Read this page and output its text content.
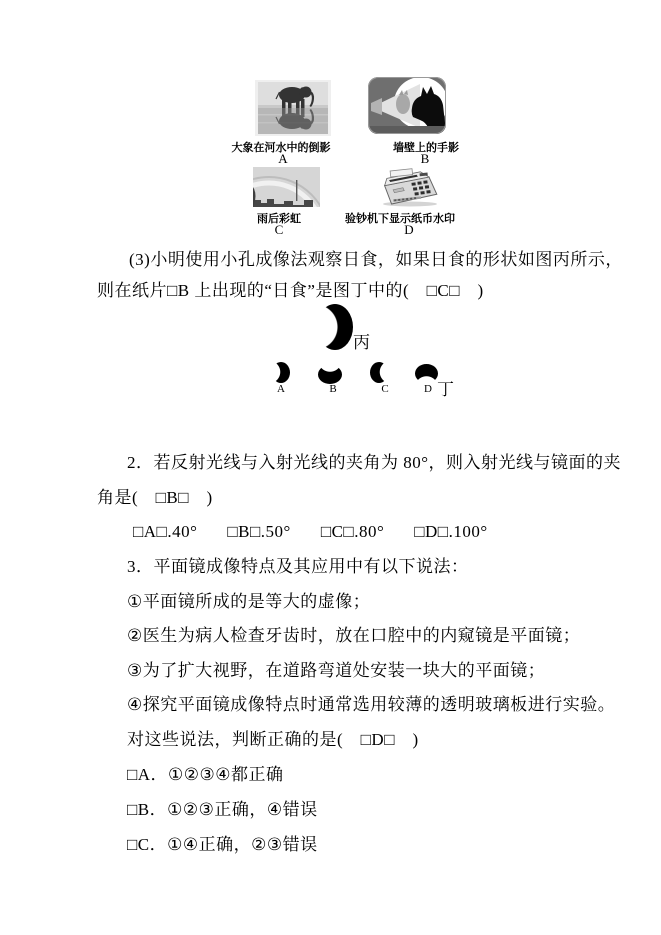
大象在河水中的倒影
A
墙壁上的手影
B
雨后彩虹
C
验钞机下显示纸币水印
D
(3)小明使用小孔成像法观察日食，如果日食的形状如图丙所示，
则在纸片□B 上出现的“日食”是图丁中的(　□C□　)
丙
A	B	C	D 丁
2．若反射光线与入射光线的夹角为 80°，则入射光线与镜面的夹
角是(　□B□　)
□A□.40° □B□.50° □C□.80° □D□.100°
3．平面镜成像特点及其应用中有以下说法：
①平面镜所成的是等大的虚像；
②医生为病人检查牙齿时，放在口腔中的内窥镜是平面镜；
③为了扩大视野，在道路弯道处安装一块大的平面镜；
④探究平面镜成像特点时通常选用较薄的透明玻璃板进行实验。
对这些说法，判断正确的是(　□D□　)
□A．①②③④都正确
□B．①②③正确，④错误
□C．①④正确，②③错误
